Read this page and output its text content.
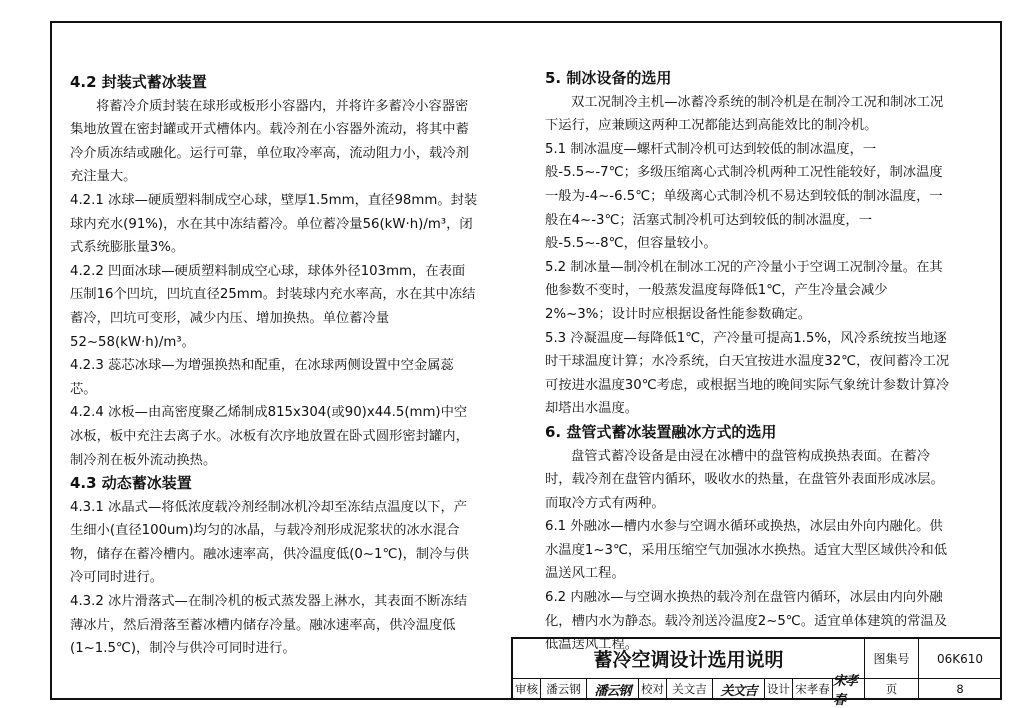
4.2 封装式蓄冰装置

将蓄冷介质封装在球形或板形小容器内，并将许多蓄冷小容器密集地放置在密封罐或开式槽体内。载冷剂在小容器外流动，将其中蓄冷介质冻结或融化。运行可靠，单位取冷率高，流动阻力小，载冷剂充注量大。

4.2.1 冰球—硬质塑料制成空心球，壁厚1.5mm，直径98mm。封装球内充水(91%)，水在其中冻结蓄冷。单位蓄冷量56(kW·h)/m³，闭式系统膨胀量3%。

4.2.2 凹面冰球—硬质塑料制成空心球，球体外径103mm，在表面压制16个凹坑，凹坑直径25mm。封装球内充水率高，水在其中冻结蓄冷，凹坑可变形，减少内压、增加换热。单位蓄冷量52~58(kW·h)/m³。

4.2.3 蕊芯冰球—为增强换热和配重，在冰球两侧设置中空金属蕊芯。

4.2.4 冰板—由高密度聚乙烯制成815x304(或90)x44.5(mm)中空冰板，板中充注去离子水。冰板有次序地放置在卧式圆形密封罐内，制冷剂在板外流动换热。

4.3 动态蓄冰装置

4.3.1 冰晶式—将低浓度载冷剂经制冰机冷却至冻结点温度以下，产生细小(直径100um)均匀的冰晶，与载冷剂形成泥浆状的冰水混合物，储存在蓄冷槽内。融冰速率高，供冷温度低(0~1℃)，制冷与供冷可同时进行。

4.3.2 冰片滑落式—在制冷机的板式蒸发器上淋水，其表面不断冻结薄冰片，然后滑落至蓄冰槽内储存冷量。融冰速率高，供冷温度低(1~1.5℃)，制冷与供冷可同时进行。

5. 制冰设备的选用

双工况制冷主机—冰蓄冷系统的制冷机是在制冷工况和制冰工况下运行，应兼顾这两种工况都能达到高能效比的制冷机。

5.1 制冰温度—螺杆式制冷机可达到较低的制冰温度，一般-5.5~-7℃；多级压缩离心式制冷机两种工况性能较好，制冰温度一般为-4~-6.5℃；单级离心式制冷机不易达到较低的制冰温度，一般在4~-3℃；活塞式制冷机可达到较低的制冰温度，一般-5.5~-8℃，但容量较小。

5.2 制冰量—制冷机在制冰工况的产冷量小于空调工况制冷量。在其他参数不变时，一般蒸发温度每降低1℃，产生冷量会减少2%~3%；设计时应根据设备性能参数确定。

5.3 冷凝温度—每降低1℃，产冷量可提高1.5%，风冷系统按当地逐时干球温度计算；水冷系统，白天宜按进水温度32℃，夜间蓄冷工况可按进水温度30℃考虑，或根据当地的晚间实际气象统计参数计算冷却塔出水温度。

6. 盘管式蓄冰装置融冰方式的选用

盘管式蓄冷设备是由浸在冰槽中的盘管构成换热表面。在蓄冷时，载冷剂在盘管内循环，吸收水的热量，在盘管外表面形成冰层。而取冷方式有两种。

6.1 外融冰—槽内水参与空调水循环或换热，冰层由外向内融化。供水温度1~3℃，采用压缩空气加强冰水换热。适宜大型区域供冷和低温送风工程。

6.2 内融冰—与空调水换热的载冷剂在盘管内循环，冰层由内向外融化，槽内水为静态。载冷剂送冷温度2~5℃。适宜单体建筑的常温及低温送风工程。

蓄冷空调设计选用说明	图集号	06K610
审核 潘云钢	潘云钢 校对 关文吉	关文吉 设计 宋孝春 宋孝春
页	8
